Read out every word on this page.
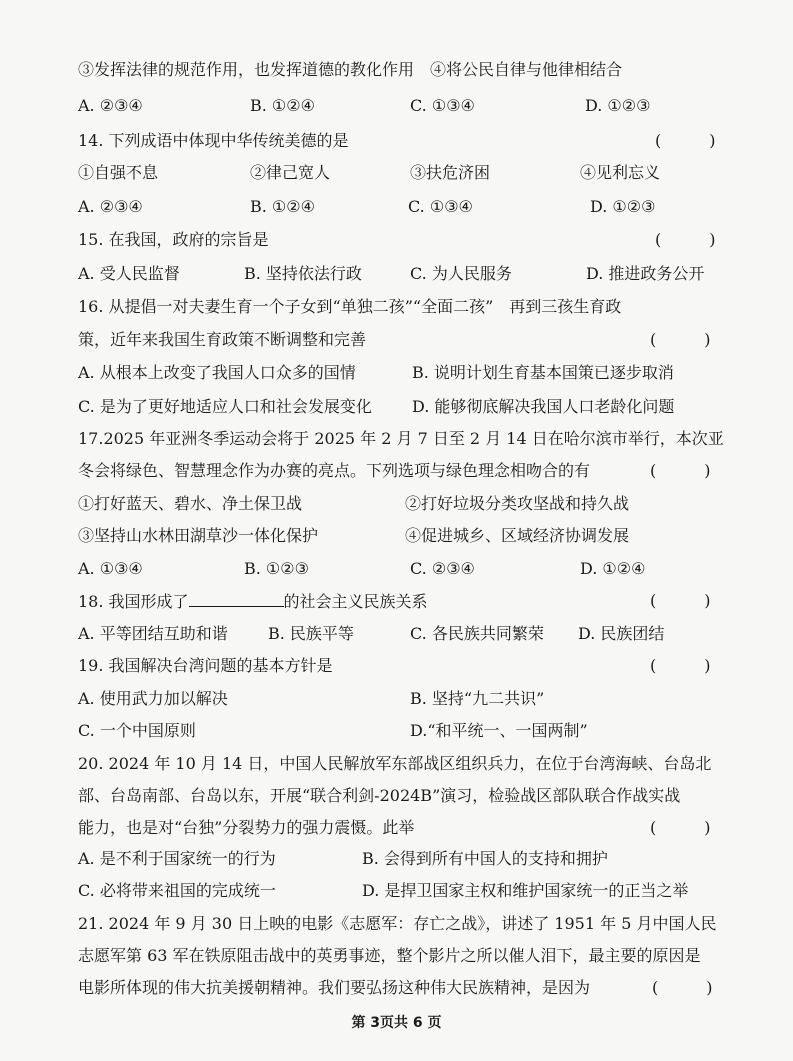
③发挥法律的规范作用，也发挥道德的教化作用　④将公民自律与他律相结合
A. ②③④	B. ①②④	C. ①③④	D. ①②③
14. 下列成语中体现中华传统美德的是	(　　　)
①自强不息	②律己宽人	③扶危济困	④见利忘义
A. ②③④	B. ①②④	C. ①③④	D. ①②③
15. 在我国，政府的宗旨是	(　　　)
A. 受人民监督	B. 坚持依法行政	C. 为人民服务	D. 推进政务公开
16. 从提倡一对夫妻生育一个子女到“单独二孩”“全面二孩”　再到三孩生育政
策，近年来我国生育政策不断调整和完善	(　　　)
A. 从根本上改变了我国人口众多的国情	B. 说明计划生育基本国策已逐步取消
C. 是为了更好地适应人口和社会发展变化	D. 能够彻底解决我国人口老龄化问题
17.2025 年亚洲冬季运动会将于 2025 年 2 月 7 日至 2 月 14 日在哈尔滨市举行，本次亚
冬会将绿色、智慧理念作为办赛的亮点。下列选项与绿色理念相吻合的有	(　　　)
①打好蓝天、碧水、净土保卫战	②打好垃圾分类攻坚战和持久战
③坚持山水林田湖草沙一体化保护	④促进城乡、区域经济协调发展
A. ①③④	B. ①②③	C. ②③④	D. ①②④
18. 我国形成了	的社会主义民族关系	(　　　)
A. 平等团结互助和谐	B. 民族平等	C. 各民族共同繁荣 D. 民族团结
19. 我国解决台湾问题的基本方针是	(　　　)
A. 使用武力加以解决	B. 坚持“九二共识”
C. 一个中国原则	D.“和平统一、一国两制”
20. 2024 年 10 月 14 日，中国人民解放军东部战区组织兵力，在位于台湾海峡、台岛北
部、台岛南部、台岛以东，开展“联合利剑-2024B”演习，检验战区部队联合作战实战
能力，也是对“台独”分裂势力的强力震慑。此举	(　　　)
A. 是不利于国家统一的行为	B. 会得到所有中国人的支持和拥护
C. 必将带来祖国的完成统一	D. 是捍卫国家主权和维护国家统一的正当之举
21. 2024 年 9 月 30 日上映的电影《志愿军：存亡之战》，讲述了 1951 年 5 月中国人民
志愿军第 63 军在铁原阻击战中的英勇事迹，整个影片之所以催人泪下，最主要的原因是
电影所体现的伟大抗美援朝精神。我们要弘扬这种伟大民族精神，是因为	(　　　)
第 3页共 6 页
